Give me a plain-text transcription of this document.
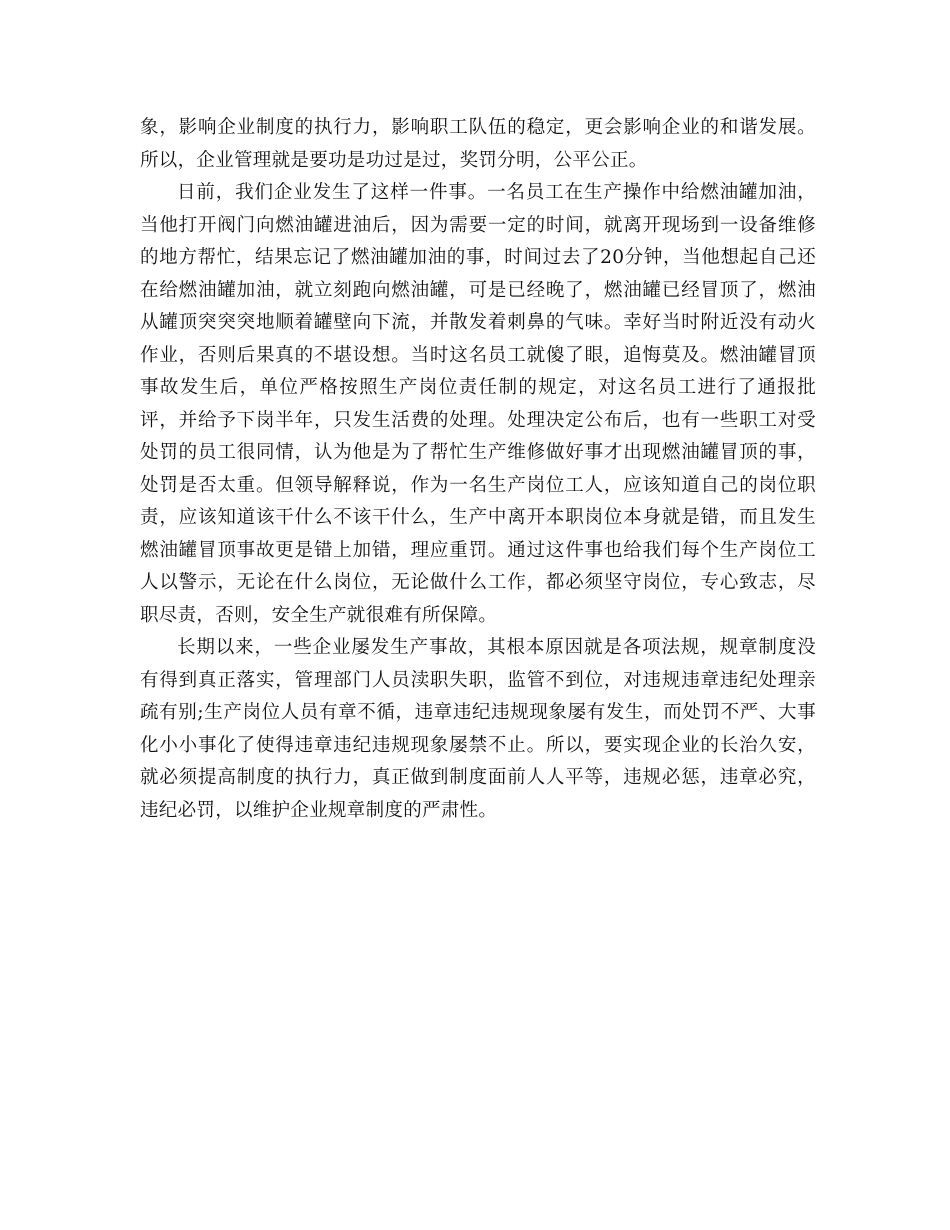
象，影响企业制度的执行力，影响职工队伍的稳定，更会影响企业的和谐发展。所以，企业管理就是要功是功过是过，奖罚分明，公平公正。

日前，我们企业发生了这样一件事。一名员工在生产操作中给燃油罐加油，当他打开阀门向燃油罐进油后，因为需要一定的时间，就离开现场到一设备维修的地方帮忙，结果忘记了燃油罐加油的事，时间过去了20分钟，当他想起自己还在给燃油罐加油，就立刻跑向燃油罐，可是已经晚了，燃油罐已经冒顶了，燃油从罐顶突突突地顺着罐壁向下流，并散发着刺鼻的气味。幸好当时附近没有动火作业，否则后果真的不堪设想。当时这名员工就傻了眼，追悔莫及。燃油罐冒顶事故发生后，单位严格按照生产岗位责任制的规定，对这名员工进行了通报批评，并给予下岗半年，只发生活费的处理。处理决定公布后，也有一些职工对受处罚的员工很同情，认为他是为了帮忙生产维修做好事才出现燃油罐冒顶的事，处罚是否太重。但领导解释说，作为一名生产岗位工人，应该知道自己的岗位职责，应该知道该干什么不该干什么，生产中离开本职岗位本身就是错，而且发生燃油罐冒顶事故更是错上加错，理应重罚。通过这件事也给我们每个生产岗位工人以警示，无论在什么岗位，无论做什么工作，都必须坚守岗位，专心致志，尽职尽责，否则，安全生产就很难有所保障。

长期以来，一些企业屡发生产事故，其根本原因就是各项法规，规章制度没有得到真正落实，管理部门人员渎职失职，监管不到位，对违规违章违纪处理亲疏有别;生产岗位人员有章不循，违章违纪违规现象屡有发生，而处罚不严、大事化小小事化了使得违章违纪违规现象屡禁不止。所以，要实现企业的长治久安，就必须提高制度的执行力，真正做到制度面前人人平等，违规必惩，违章必究，违纪必罚，以维护企业规章制度的严肃性。
